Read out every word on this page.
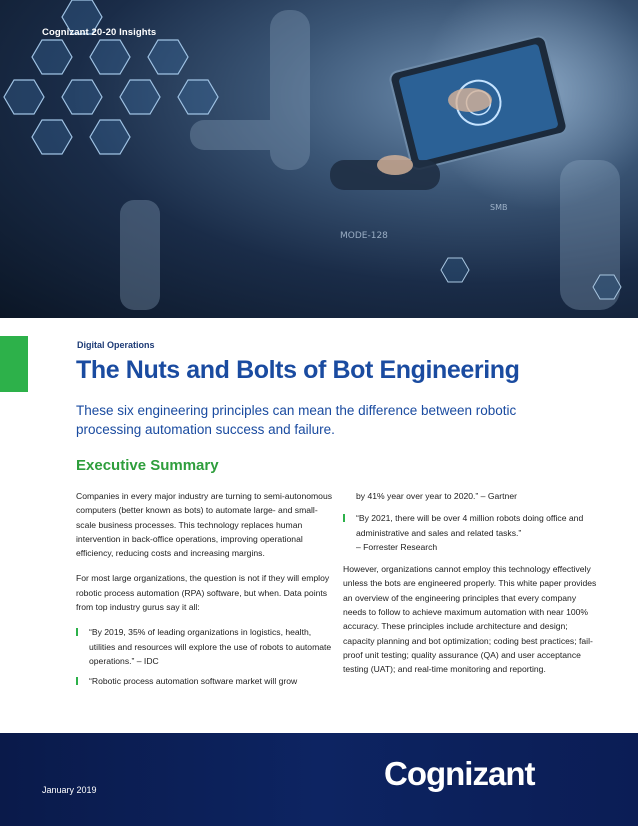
MODE-128
SMB
Cognizant 20-20 Insights
Digital Operations
The Nuts and Bolts of Bot Engineering
These six engineering principles can mean the difference between robotic processing automation success and failure.
Executive Summary

Companies in every major industry are turning to semi-autonomous computers (better known as bots) to automate large- and small-scale business processes. This technology replaces human intervention in back-office operations, improving operational efficiency, reducing costs and increasing margins.

For most large organizations, the question is not if they will employ robotic process automation (RPA) software, but when. Data points from top industry gurus say it all:

“By 2019, 35% of leading organizations in logistics, health, utilities and resources will explore the use of robots to automate operations.” – IDC
“Robotic process automation software market will grow
by 41% year over year to 2020.” – Gartner
“By 2021, there will be over 4 million robots doing office and administrative and sales and related tasks.”
– Forrester Research

However, organizations cannot employ this technology effectively unless the bots are engineered properly. This white paper provides an overview of the engineering principles that every company needs to follow to achieve maximum automation with near 100% accuracy. These principles include architecture and design; capacity planning and bot optimization; coding best practices; fail-proof unit testing; quality assurance (QA) and user acceptance testing (UAT); and real-time monitoring and reporting.

January 2019	Cognizant
